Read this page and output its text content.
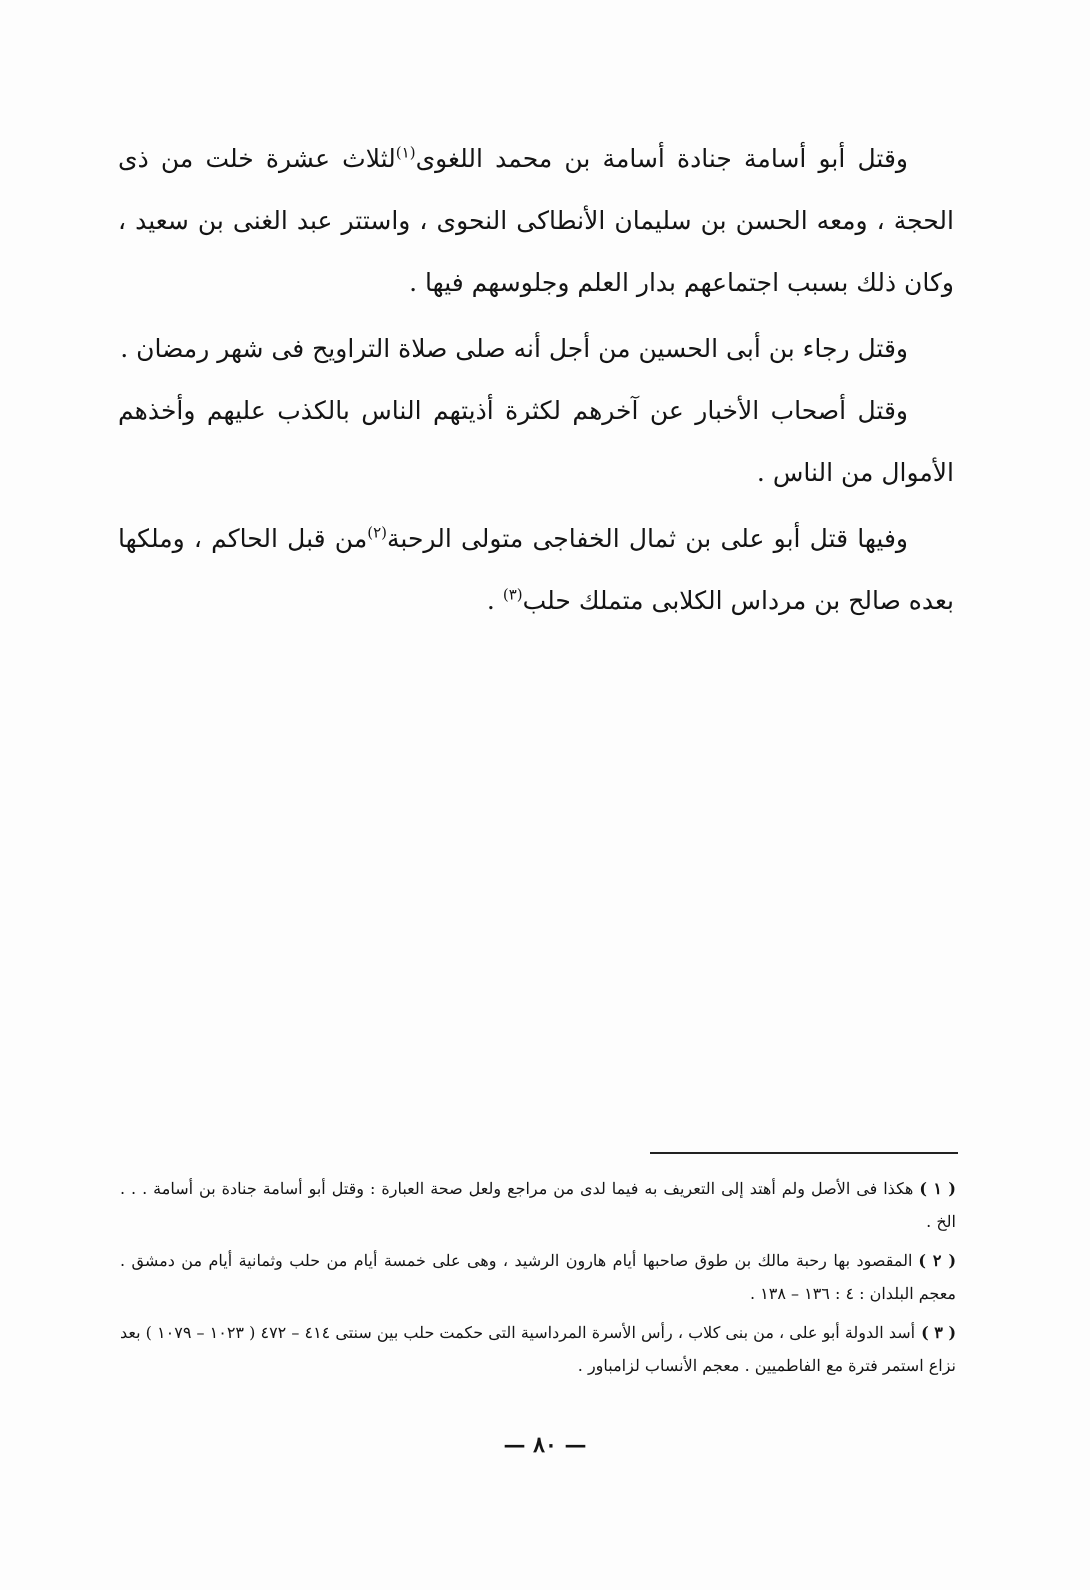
وقتل أبو أسامة جنادة أسامة بن محمد اللغوى$^{(١)}$لثلاث عشرة خلت من ذى الحجة ، ومعه الحسن بن سليمان الأنطاكى النحوى ، واستتر عبد الغنى بن سعيد ، وكان ذلك بسبب اجتماعهم بدار العلم وجلوسهم فيها .

وقتل رجاء بن أبى الحسين من أجل أنه صلى صلاة التراويح فى شهر رمضان .

وقتل أصحاب الأخبار عن آخرهم لكثرة أذيتهم الناس بالكذب عليهم وأخذهم الأموال من الناس .

وفيها قتل أبو على بن ثمال الخفاجى متولى الرحبة$^{(٢)}$من قبل الحاكم ، وملكها بعده صالح بن مرداس الكلابى متملك حلب$^{(٣)}$ .

( ١ )هكذا فى الأصل ولم أهتد إلى التعريف به فيما لدى من مراجع ولعل صحة العبارة : وقتل أبو أسامة جنادة بن أسامة . . . الخ .

( ٢ )المقصود بها رحبة مالك بن طوق صاحبها أيام هارون الرشيد ، وهى على خمسة أيام من حلب وثمانية أيام من دمشق . معجم البلدان : ٤ : ١٣٦ – ١٣٨ .

( ٣ )أسد الدولة أبو على ، من بنى كلاب ، رأس الأسرة المرداسية التى حكمت حلب بين سنتى ٤١٤ – ٤٧٢ ( ١٠٢٣ – ١٠٧٩ ) بعد نزاع استمر فترة مع الفاطميين . معجم الأنساب لزامباور .

— ٨٠ —
